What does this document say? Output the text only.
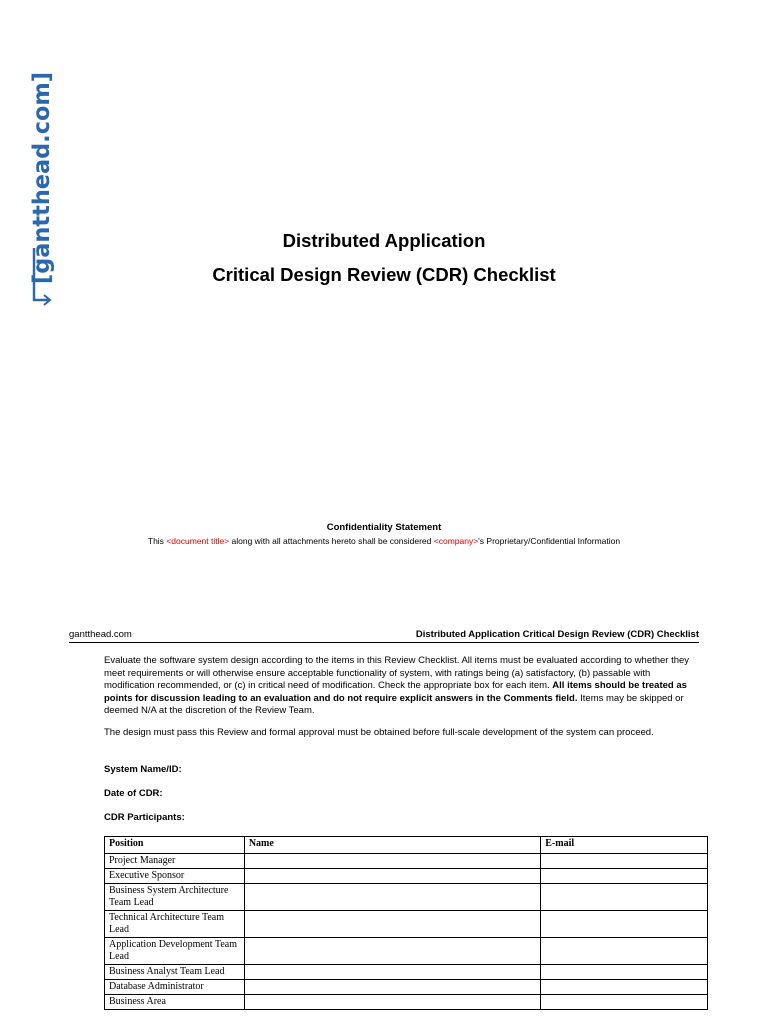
[gantthead.com]	Distributed Application
Critical Design Review (CDR) Checklist
Confidentiality Statement
This <document title> along with all attachments hereto shall be considered <company>'s Proprietary/Confidential Information
gantthead.com	Distributed Application Critical Design Review (CDR) Checklist
Evaluate the software system design according to the items in this Review Checklist. All items must be evaluated according to whether they meet requirements or will otherwise ensure acceptable functionality of system, with ratings being (a) satisfactory, (b) passable with modification recommended, or (c) in critical need of modification. Check the appropriate box for each item. All items should be treated as points for discussion leading to an evaluation and do not require explicit answers in the Comments field. Items may be skipped or deemed N/A at the discretion of the Review Team.
The design must pass this Review and formal approval must be obtained before full-scale development of the system can proceed.
System Name/ID:
Date of CDR:
CDR Participants:
Position	Name	E-mail
Project Manager		
Executive Sponsor		
Business System Architecture Team Lead		
Technical Architecture Team Lead		
Application Development Team Lead		
Business Analyst Team Lead		
Database Administrator		
Business Area		
